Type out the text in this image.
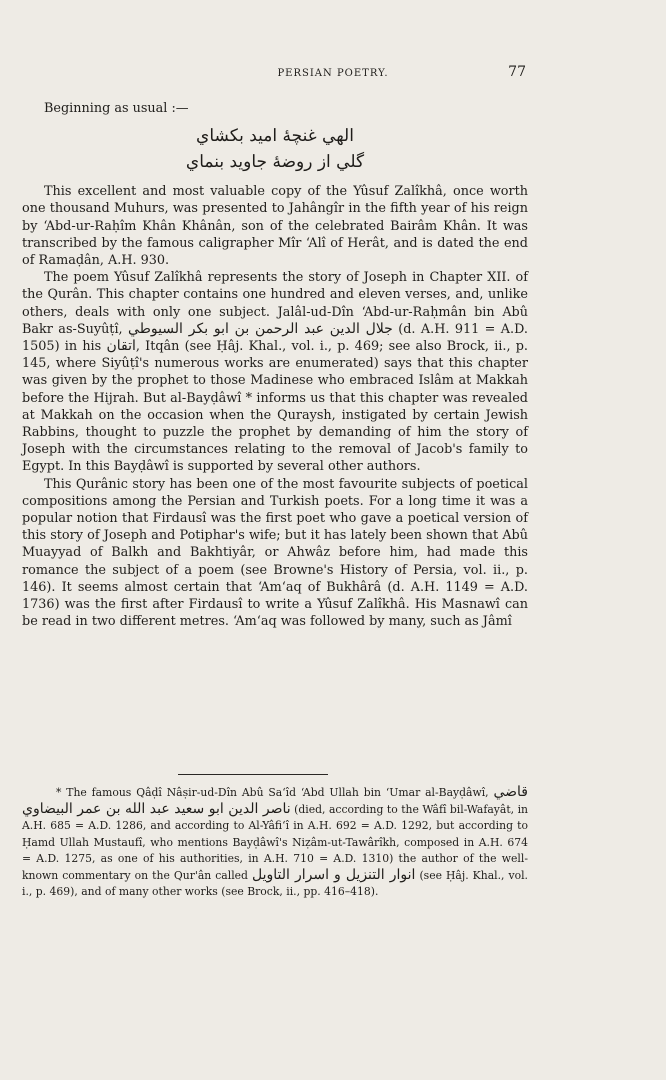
PERSIAN POETRY.	77

Beginning as usual :—

الهي غنچهٔ اميد بكشاي

گلي از روضهٔ جاويد بنماي

This excellent and most valuable copy of the Yûsuf Zalîkhâ, once worth one thousand Muhurs, was presented to Jahângîr in the fifth year of his reign by ‘Abd-ur-Raḥîm Khân Khânân, son of the celebrated Bairâm Khân. It was transcribed by the famous caligrapher Mîr ‘Alî of Herât, and is dated the end of Ramaḍân, A.H. 930.

The poem Yûsuf Zalîkhâ represents the story of Joseph in Chapter XII. of the Qurân. This chapter contains one hundred and eleven verses, and, unlike others, deals with only one subject. Jalâl-ud-Dîn ‘Abd-ur-Raḥmân bin Abû Bakr as-Suyûṭî, جلال الدين عبد الرحمن بن ابو بكر السيوطي (d. A.H. 911 = A.D. 1505) in his اتقان, Itqân (see Ḥâj. Khal., vol. i., p. 469; see also Brock, ii., p. 145, where Siyûṭî's numerous works are enumerated) says that this chapter was given by the prophet to those Madinese who embraced Islâm at Makkah before the Hijrah. But al-Bayḍâwî * informs us that this chapter was revealed at Makkah on the occasion when the Quraysh, instigated by certain Jewish Rabbins, thought to puzzle the prophet by demanding of him the story of Joseph with the circumstances relating to the removal of Jacob's family to Egypt. In this Bayḍâwî is supported by several other authors.

This Qurânic story has been one of the most favourite subjects of poetical compositions among the Persian and Turkish poets. For a long time it was a popular notion that Firdausî was the first poet who gave a poetical version of this story of Joseph and Potiphar's wife; but it has lately been shown that Abû Muayyad of Balkh and Bakhtiyâr, or Ahwâz before him, had made this romance the subject of a poem (see Browne's History of Persia, vol. ii., p. 146). It seems almost certain that ‘Am‘aq of Bukhârâ (d. A.H. 1149 = A.D. 1736) was the first after Firdausî to write a Yûsuf Zalîkhâ. His Masnawî can be read in two different metres. ‘Am‘aq was followed by many, such as Jâmî

* The famous Qâḍî Nâṣir-ud-Dîn Abû Sa‘îd ‘Abd Ullah bin ‘Umar al-Bayḍâwî, قاضي ناصر الدين ابو سعيد عبد الله بن عمر البيضاوي (died, according to the Wâfî bil-Wafayât, in A.H. 685 = A.D. 1286, and according to Al-Yâfi‘î in A.H. 692 = A.D. 1292, but according to Ḥamd Ullah Mustaufî, who mentions Bayḍâwî's Niẓâm-ut-Tawârîkh, composed in A.H. 674 = A.D. 1275, as one of his authorities, in A.H. 710 = A.D. 1310) the author of the well-known commentary on the Qur'ân called انوار التنزيل و اسرار التاويل (see Ḥâj. Khal., vol. i., p. 469), and of many other works (see Brock, ii., pp. 416–418).
